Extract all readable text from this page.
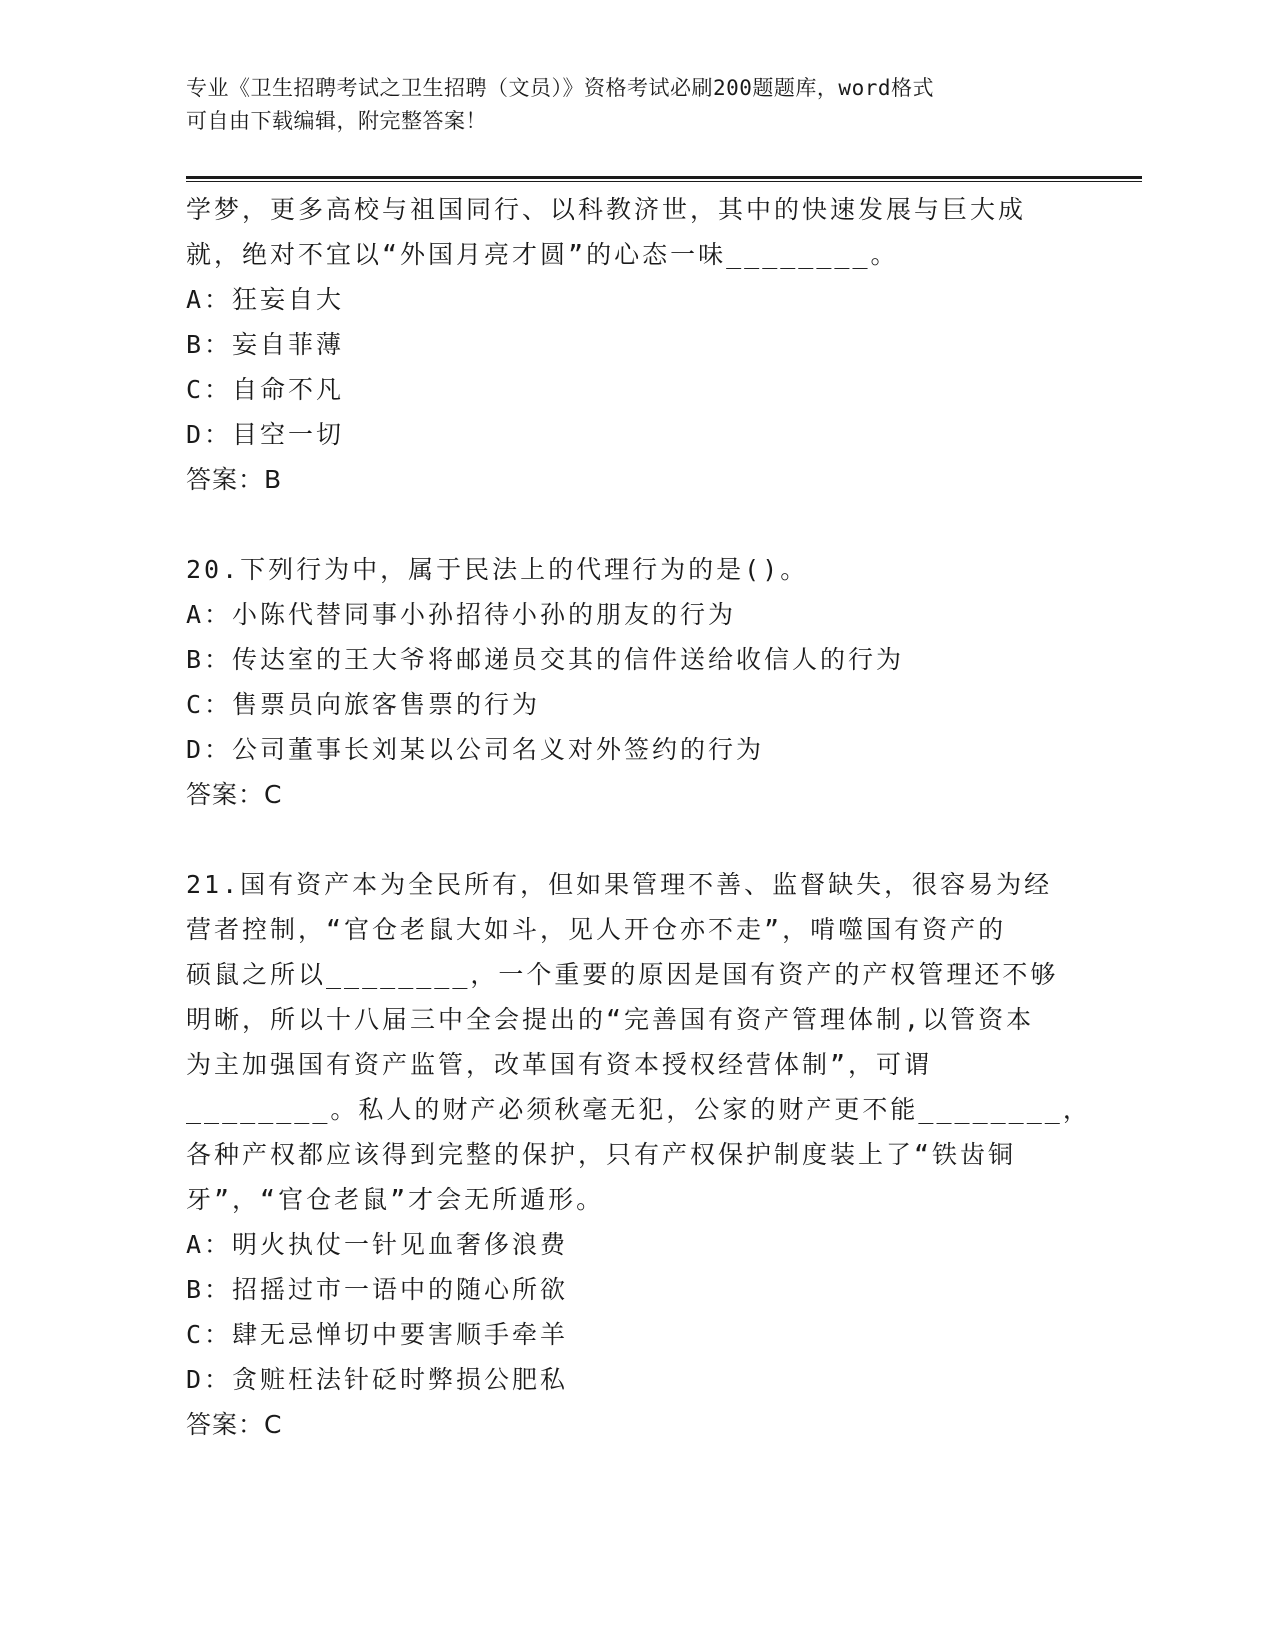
专业《卫生招聘考试之卫生招聘（文员）》资格考试必刷200题题库，word格式
可自由下载编辑，附完整答案！
学梦，更多高校与祖国同行、以科教济世，其中的快速发展与巨大成
就，绝对不宜以“外国月亮才圆”的心态一味________。
A：狂妄自大
B：妄自菲薄
C：自命不凡
D：目空一切
答案：B
20.下列行为中，属于民法上的代理行为的是()。
A：小陈代替同事小孙招待小孙的朋友的行为
B：传达室的王大爷将邮递员交其的信件送给收信人的行为
C：售票员向旅客售票的行为
D：公司董事长刘某以公司名义对外签约的行为
答案：C
21.国有资产本为全民所有，但如果管理不善、监督缺失，很容易为经
营者控制，“官仓老鼠大如斗，见人开仓亦不走”，啃噬国有资产的
硕鼠之所以________，一个重要的原因是国有资产的产权管理还不够
明晰，所以十八届三中全会提出的“完善国有资产管理体制,以管资本
为主加强国有资产监管，改革国有资本授权经营体制”，可谓
________。私人的财产必须秋毫无犯，公家的财产更不能________，
各种产权都应该得到完整的保护，只有产权保护制度装上了“铁齿铜
牙”，“官仓老鼠”才会无所遁形。
A：明火执仗一针见血奢侈浪费
B：招摇过市一语中的随心所欲
C：肆无忌惮切中要害顺手牵羊
D：贪赃枉法针砭时弊损公肥私
答案：C
